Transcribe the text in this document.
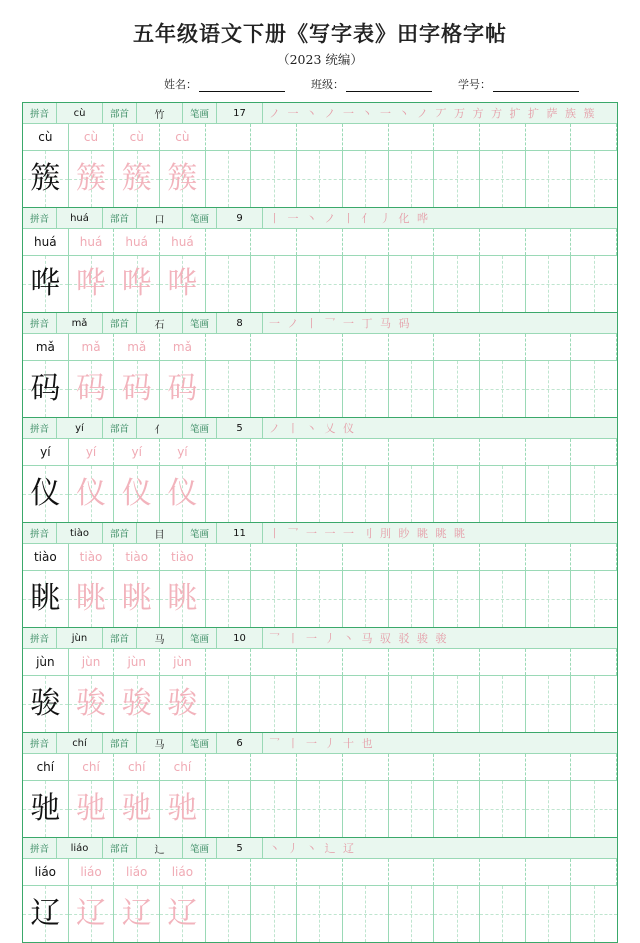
五年级语文下册《写字表》田字格字帖
（2023 统编）
姓名：	班级：	学号：
拼音	cù	部首	竹	笔画	17	ノ 一 丶 ノ 一 丶 一 丶 ノ 丆 万 方 方 扩 扩 萨 族 簇
cù	cù	cù	cù
簇 簇 簇 簇
拼音	huá	部首	口	笔画	9	丨 一 丶 ノ 丨 亻 丿 化 哗
huá	huá	huá	huá
哗 哗 哗 哗
拼音	mǎ	部首	石	笔画	8	一 ノ 丨 乛 一 丁 马 码
mǎ	mǎ	mǎ	mǎ
码 码 码 码
拼音	yí	部首	亻	笔画	5	ノ 丨 丶 乂 仪
yí	yí	yí	yí
仪 仪 仪 仪
拼音	tiào	部首	目	笔画	11	丨 乛 一 一 一 刂 刖 眇 眺 眺 眺
tiào	tiào	tiào	tiào
眺 眺 眺 眺
拼音	jùn	部首	马	笔画	10	乛 丨 一 丿 丶 马 驭 驳 骏 骏
jùn	jùn	jùn	jùn
骏 骏 骏 骏
拼音	chí	部首	马	笔画	6	乛 丨 一 丿 十 也
chí	chí	chí	chí
驰 驰 驰 驰
拼音	liáo	部首	辶	笔画	5	丶 丿 丶 辶 辽
liáo	liáo	liáo	liáo
辽 辽 辽 辽
